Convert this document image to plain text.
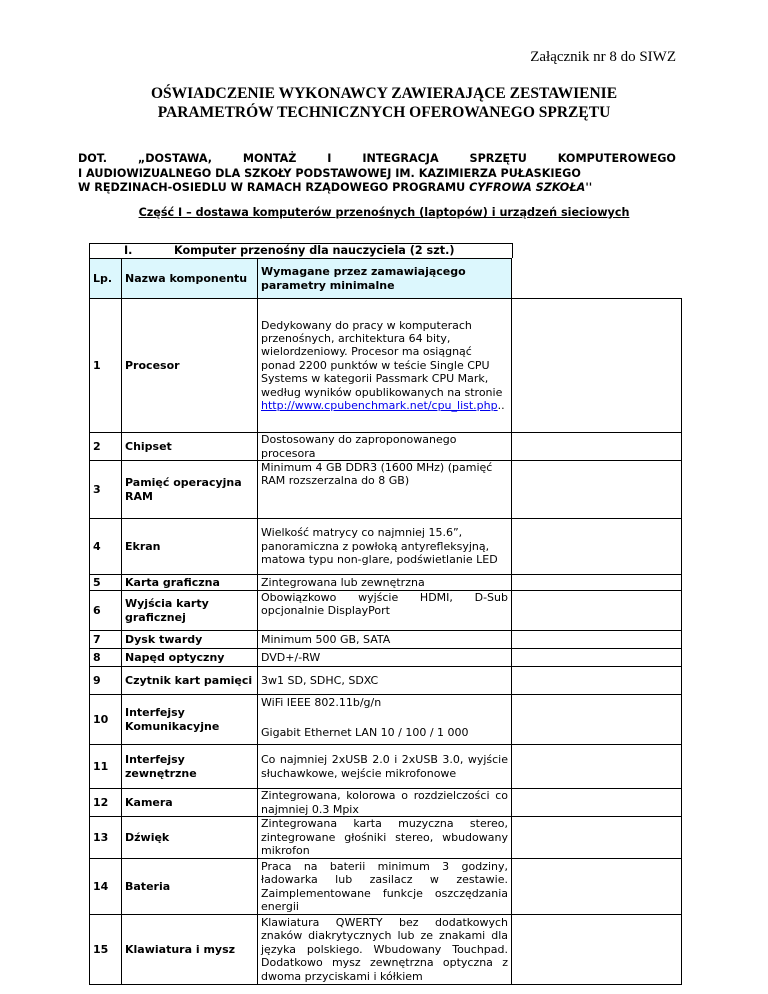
Załącznik nr 8 do SIWZ
OŚWIADCZENIE WYKONAWCY ZAWIERAJĄCE ZESTAWIENIE
PARAMETRÓW TECHNICZNYCH OFEROWANEGO SPRZĘTU
DOT.	„DOSTAWA,	MONTAŻ	I	INTEGRACJA	SPRZĘTU	KOMPUTEROWEGO
I AUDIOWIZUALNEGO DLA SZKOŁY PODSTAWOWEJ IM. KAZIMIERZA PUŁASKIEGO
W RĘDZINACH-OSIEDLU W RAMACH RZĄDOWEGO PROGRAMU CYFROWA SZKOŁA''
Część I – dostawa komputerów przenośnych (laptopów) i urządzeń sieciowych
I.	Komputer przenośny dla nauczyciela (2 szt.)
Lp.	Nazwa komponentu	Wymagane przez zamawiającego parametry minimalne	
1	Procesor	Dedykowany do pracy w komputerach przenośnych, architektura 64 bity, wielordzeniowy. Procesor ma osiągnąć ponad 2200 punktów w teście Single CPU Systems w kategorii Passmark CPU Mark, według wyników opublikowanych na stronie http://www.cpubenchmark.net/cpu_list.php..	
2	Chipset	Dostosowany do zaproponowanego procesora	
3	Pamięć operacyjna RAM	Minimum 4 GB DDR3 (1600 MHz) (pamięć RAM rozszerzalna do 8 GB)	
4	Ekran	Wielkość matrycy co najmniej 15.6”, panoramiczna z powłoką antyrefleksyjną, matowa typu non-glare, podświetlanie LED	
5	Karta graficzna	Zintegrowana lub zewnętrzna	
6	Wyjścia karty graficznej	Obowiązkowo wyjście HDMI, D-Sub opcjonalnie DisplayPort	
7	Dysk twardy	Minimum 500 GB, SATA	
8	Napęd optyczny	DVD+/-RW	
9	Czytnik kart pamięci	3w1 SD, SDHC, SDXC	
10	Interfejsy Komunikacyjne	WiFi IEEE 802.11b/g/n
Gigabit Ethernet LAN 10 / 100 / 1 000	

11	Interfejsy zewnętrzne	Co najmniej 2xUSB 2.0 i 2xUSB 3.0, wyjście słuchawkowe, wejście mikrofonowe	
12	Kamera	Zintegrowana, kolorowa o rozdzielczości co najmniej 0.3 Mpix	
13	Dźwięk	Zintegrowana karta muzyczna stereo, zintegrowane głośniki stereo, wbudowany mikrofon	
14	Bateria	Praca na baterii minimum 3 godziny, ładowarka lub zasilacz w zestawie. Zaimplementowane funkcje oszczędzania energii	
15	Klawiatura i mysz	Klawiatura QWERTY bez dodatkowych znaków diakrytycznych lub ze znakami dla języka polskiego. Wbudowany Touchpad. Dodatkowo mysz zewnętrzna optyczna z dwoma przyciskami i kółkiem	
